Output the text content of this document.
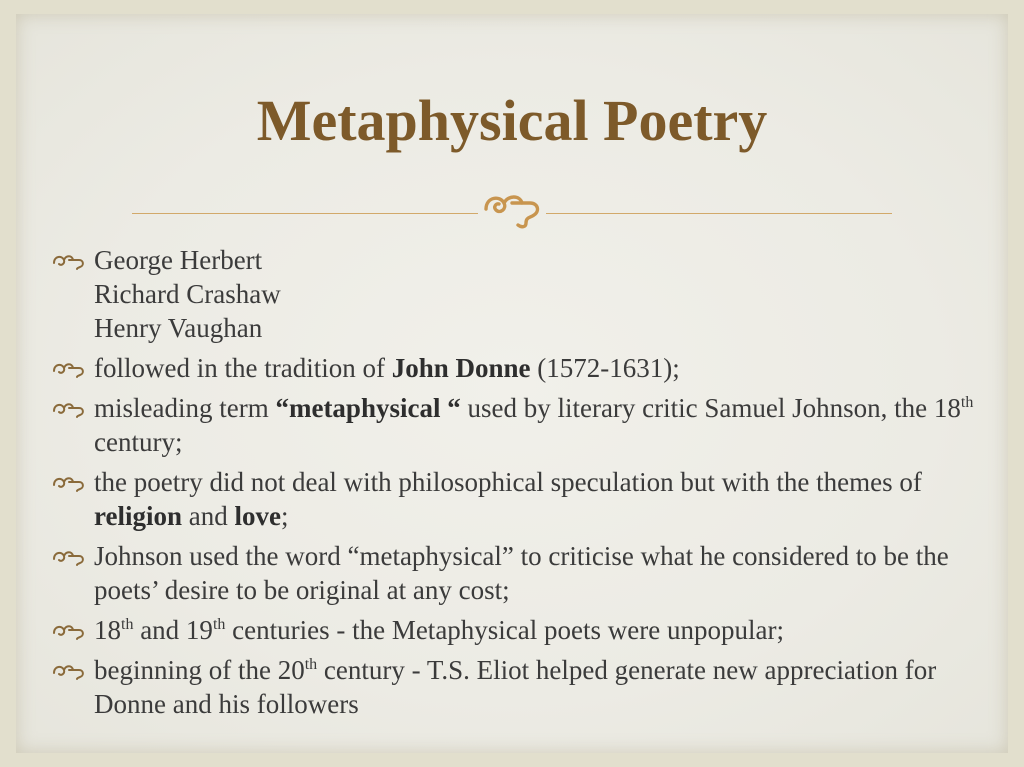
Metaphysical Poetry
George Herbert
Richard Crashaw
Henry Vaughan
followed in the tradition of John Donne (1572-1631);
misleading term “metaphysical “ used by literary critic Samuel Johnson, the 18th century;
the poetry did not deal with philosophical speculation but with the themes of religion and love;
Johnson used the word “metaphysical” to criticise what he considered to be the poets’ desire to be original at any cost;
18th and 19th centuries - the Metaphysical poets were unpopular;
beginning of the 20th century - T.S. Eliot helped generate new appreciation for Donne and his followers
